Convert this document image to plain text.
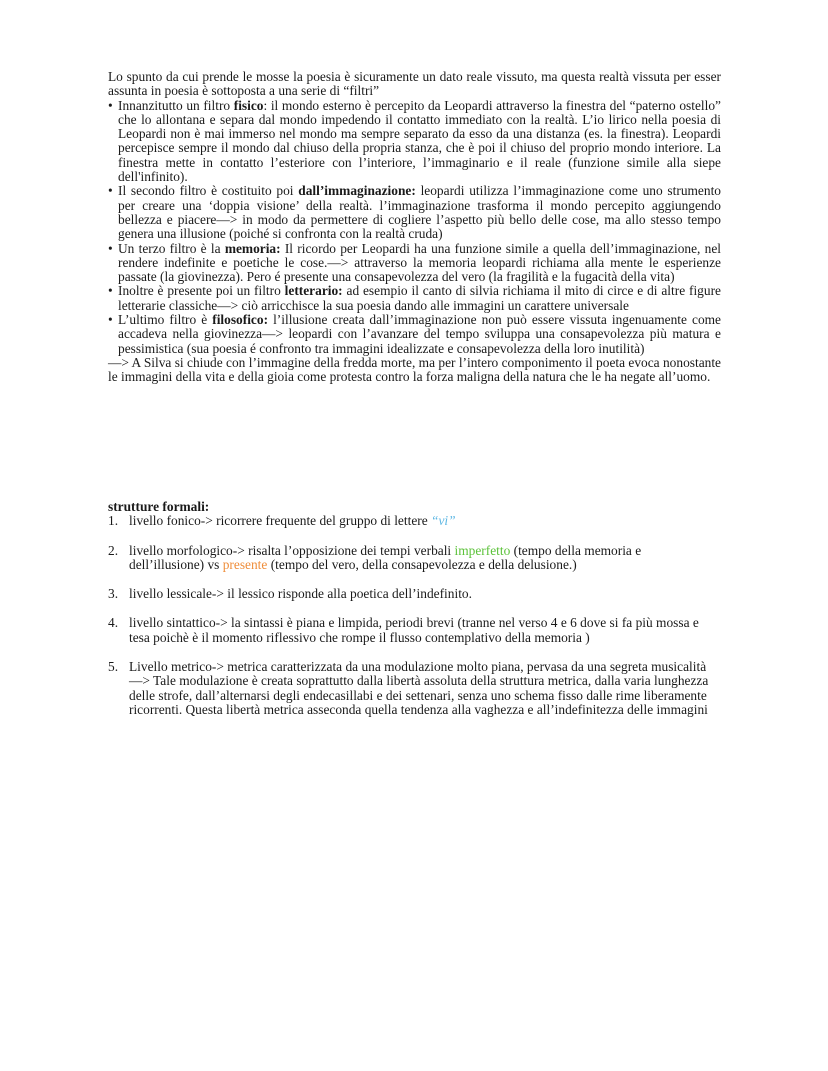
Lo spunto da cui prende le mosse la poesia è sicuramente un dato reale vissuto, ma questa realtà vissuta per esser assunta in poesia è sottoposta a una serie di “filtri”

• Innanzitutto un filtro fisico: il mondo esterno è percepito da Leopardi attraverso la finestra del “paterno ostello” che lo allontana e separa dal mondo impedendo il contatto immediato con la realtà. L’io lirico nella poesia di Leopardi non è mai immerso nel mondo ma sempre separato da esso da una distanza (es. la finestra). Leopardi percepisce sempre il mondo dal chiuso della propria stanza, che è poi il chiuso del proprio mondo interiore. La finestra mette in contatto l’esteriore con l’interiore, l’immaginario e il reale (funzione simile alla siepe dell'infinito).
• Il secondo filtro è costituito poi dall’immaginazione: leopardi utilizza l’immaginazione come uno strumento per creare una ‘doppia visione’ della realtà. l’immaginazione trasforma il mondo percepito aggiungendo bellezza e piacere—> in modo da permettere di cogliere l’aspetto più bello delle cose, ma allo stesso tempo genera una illusione (poiché si confronta con la realtà cruda)
• Un terzo filtro è la memoria: Il ricordo per Leopardi ha una funzione simile a quella dell’immaginazione, nel rendere indefinite e poetiche le cose.—> attraverso la memoria leopardi richiama alla mente le esperienze passate (la giovinezza). Pero é presente una consapevolezza del vero (la fragilità e la fugacità della vita)
• Inoltre è presente poi un filtro letterario: ad esempio il canto di silvia richiama il mito di circe e di altre figure letterarie classiche—> ciò arricchisce la sua poesia dando alle immagini un carattere universale
• L’ultimo filtro è filosofico: l’illusione creata dall’immaginazione non può essere vissuta ingenuamente come accadeva nella giovinezza—> leopardi con l’avanzare del tempo sviluppa una consapevolezza più matura e pessimistica (sua poesia é confronto tra immagini idealizzate e consapevolezza della loro inutilità)

—> A Silva si chiude con l’immagine della fredda morte, ma per l’intero componimento il poeta evoca nonostante le immagini della vita e della gioia come protesta contro la forza maligna della natura che le ha negate all’uomo.

strutture formali:
1. livello fonico-> ricorrere frequente del gruppo di lettere “vi”
2. livello morfologico-> risalta l’opposizione dei tempi verbali imperfetto (tempo della memoria e dell’illusione) vs presente (tempo del vero, della consapevolezza e della delusione.)
3. livello lessicale-> il lessico risponde alla poetica dell’indefinito.
4. livello sintattico-> la sintassi è piana e limpida, periodi brevi (tranne nel verso 4 e 6 dove si fa più mossa e tesa poichè è il momento riflessivo che rompe il flusso contemplativo della memoria )
5. Livello metrico-> metrica caratterizzata da una modulazione molto piana, pervasa da una segreta musicalità—> Tale modulazione è creata soprattutto dalla libertà assoluta della struttura metrica, dalla varia lunghezza delle strofe, dall’alternarsi degli endecasillabi e dei settenari, senza uno schema fisso dalle rime liberamente ricorrenti. Questa libertà metrica asseconda quella tendenza alla vaghezza e all’indefinitezza delle immagini
